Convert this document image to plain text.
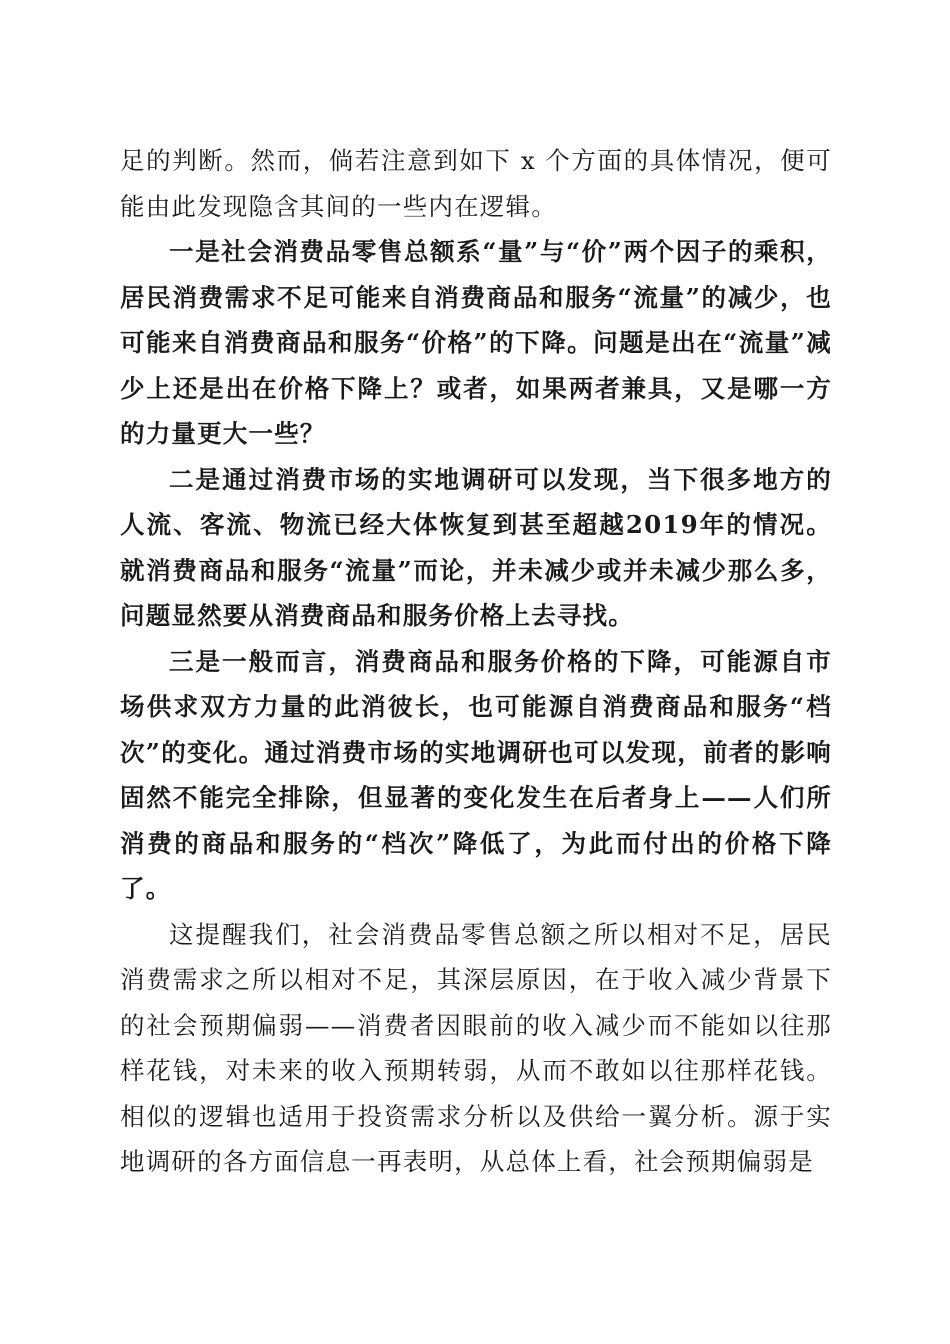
足的判断。然而，倘若注意到如下 x 个方面的具体情况，便可能由此发现隐含其间的一些内在逻辑。

一是社会消费品零售总额系“量”与“价”两个因子的乘积，居民消费需求不足可能来自消费商品和服务“流量”的减少，也可能来自消费商品和服务“价格”的下降。问题是出在“流量”减少上还是出在价格下降上？或者，如果两者兼具，又是哪一方的力量更大一些？

二是通过消费市场的实地调研可以发现，当下很多地方的人流、客流、物流已经大体恢复到甚至超越2019年的情况。就消费商品和服务“流量”而论，并未减少或并未减少那么多，问题显然要从消费商品和服务价格上去寻找。

三是一般而言，消费商品和服务价格的下降，可能源自市场供求双方力量的此消彼长，也可能源自消费商品和服务“档次”的变化。通过消费市场的实地调研也可以发现，前者的影响固然不能完全排除，但显著的变化发生在后者身上——人们所消费的商品和服务的“档次”降低了，为此而付出的价格下降了。

这提醒我们，社会消费品零售总额之所以相对不足，居民消费需求之所以相对不足，其深层原因，在于收入减少背景下的社会预期偏弱——消费者因眼前的收入减少而不能如以往那样花钱，对未来的收入预期转弱，从而不敢如以往那样花钱。相似的逻辑也适用于投资需求分析以及供给一翼分析。源于实地调研的各方面信息一再表明，从总体上看，社会预期偏弱是
